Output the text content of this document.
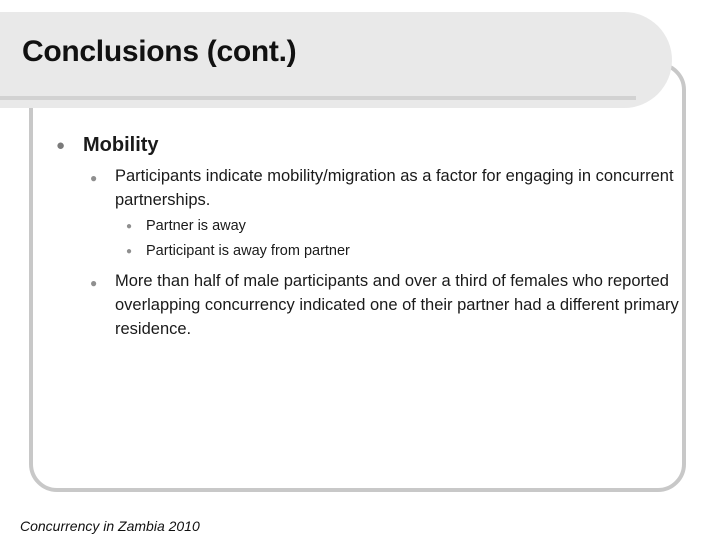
Conclusions (cont.)
● Mobility
● Participants indicate mobility/migration as a factor for engaging in concurrent partnerships.
● Partner is away
● Participant is away from partner
● More than half of male participants and over a third of females who reported overlapping concurrency indicated one of their partner had a different primary residence.
Concurrency in Zambia 2010
